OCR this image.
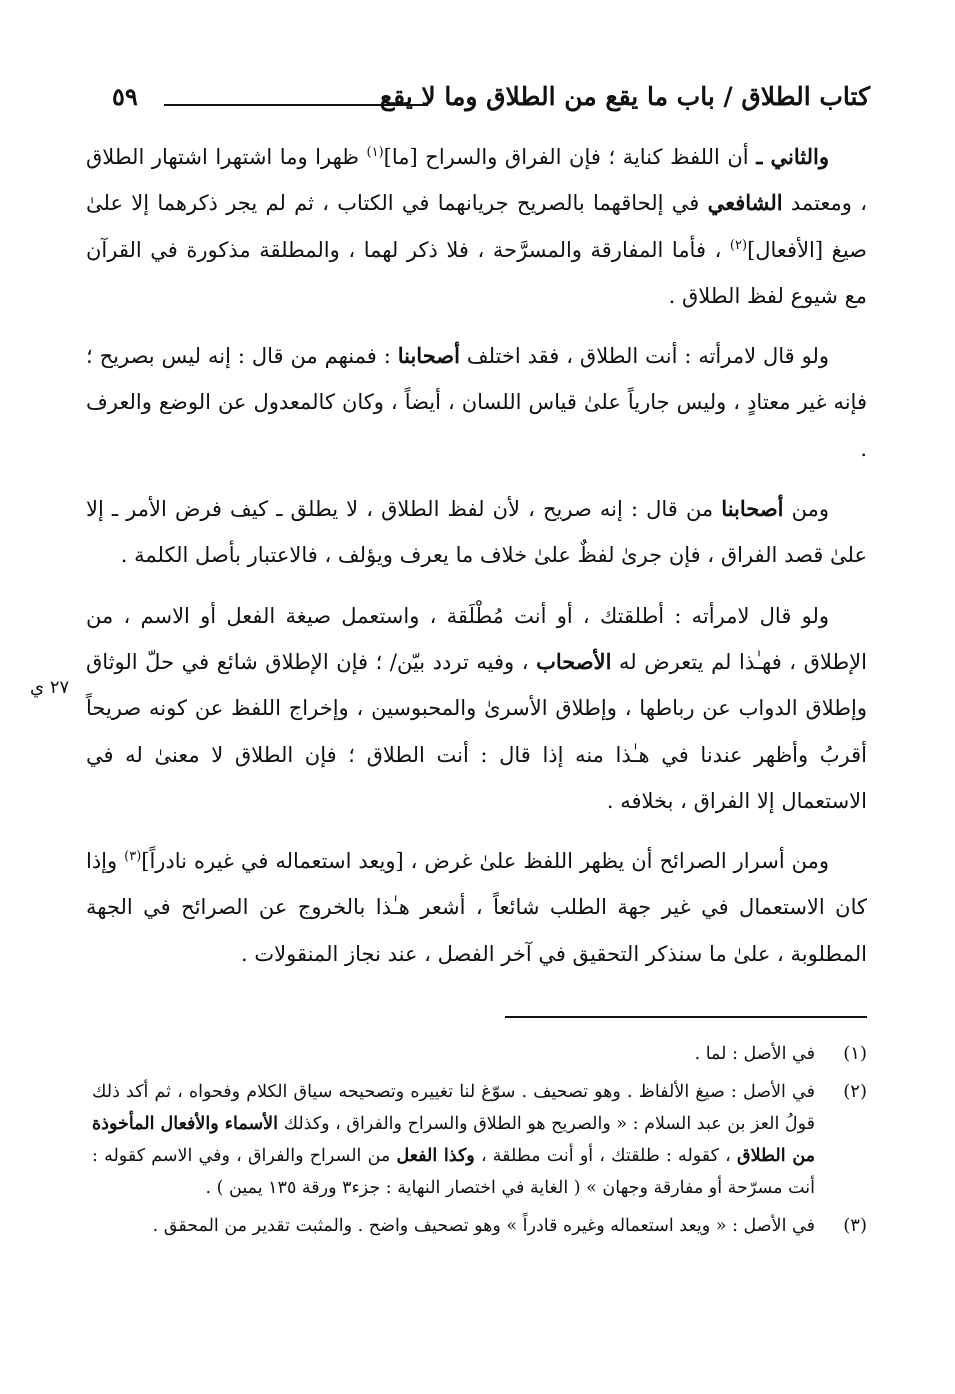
كتاب الطلاق / باب ما يقع من الطلاق وما لا يقع
٥٩
٢٧ ي

والثاني ـ أن اللفظ كناية ؛ فإن الفراق والسراح [ما]$^{(١)}$ ظهرا وما اشتهرا اشتهار الطلاق ، ومعتمد الشافعي في إلحاقهما بالصريح جريانهما في الكتاب ، ثم لم يجر ذكرهما إلا علىٰ صيغ [الأفعال]$^{(٢)}$ ، فأما المفارقة والمسرَّحة ، فلا ذكر لهما ، والمطلقة مذكورة في القرآن مع شيوع لفظ الطلاق .

ولو قال لامرأته : أنت الطلاق ، فقد اختلف أصحابنا : فمنهم من قال : إنه ليس بصريح ؛ فإنه غير معتادٍ ، وليس جارياً علىٰ قياس اللسان ، أيضاً ، وكان كالمعدول عن الوضع والعرف .

ومن أصحابنا من قال : إنه صريح ، لأن لفظ الطلاق ، لا يطلق ـ كيف فرض الأمر ـ إلا علىٰ قصد الفراق ، فإن جرىٰ لفظٌ علىٰ خلاف ما يعرف ويؤلف ، فالاعتبار بأصل الكلمة .

ولو قال لامرأته : أطلقتك ، أو أنت مُطْلَقة ، واستعمل صيغة الفعل أو الاسم ، من الإطلاق ، فهـٰذا لم يتعرض له الأصحاب ، وفيه تردد بيّن/ ؛ فإن الإطلاق شائع في حلّ الوثاق وإطلاق الدواب عن رباطها ، وإطلاق الأسرىٰ والمحبوسين ، وإخراج اللفظ عن كونه صريحاً أقربُ وأظهر عندنا في هـٰذا منه إذا قال : أنت الطلاق ؛ فإن الطلاق لا معنىٰ له في الاستعمال إلا الفراق ، بخلافه .

ومن أسرار الصرائح أن يظهر اللفظ علىٰ غرض ، [ويعد استعماله في غيره نادراً]$^{(٣)}$ وإذا كان الاستعمال في غير جهة الطلب شائعاً ، أشعر هـٰذا بالخروج عن الصرائح في الجهة المطلوبة ، علىٰ ما سنذكر التحقيق في آخر الفصل ، عند نجاز المنقولات .

(١)
في الأصل : لما .
(٢)
في الأصل : صيغ الألفاظ . وهو تصحيف . سوّغ لنا تغييره وتصحيحه سياق الكلام وفحواه ، ثم أكد ذلك قولُ العز بن عبد السلام : « والصريح هو الطلاق والسراح والفراق ، وكذلك الأسماء والأفعال المأخوذة من الطلاق ، كقوله : طلقتك ، أو أنت مطلقة ، وكذا الفعل من السراح والفراق ، وفي الاسم كقوله : أنت مسرّحة أو مفارقة وجهان » ( الغاية في اختصار النهاية : جزء٣ ورقة ١٣٥ يمين ) .
(٣)
في الأصل : « ويعد استعماله وغيره قادراً » وهو تصحيف واضح . والمثبت تقدير من المحقق .
